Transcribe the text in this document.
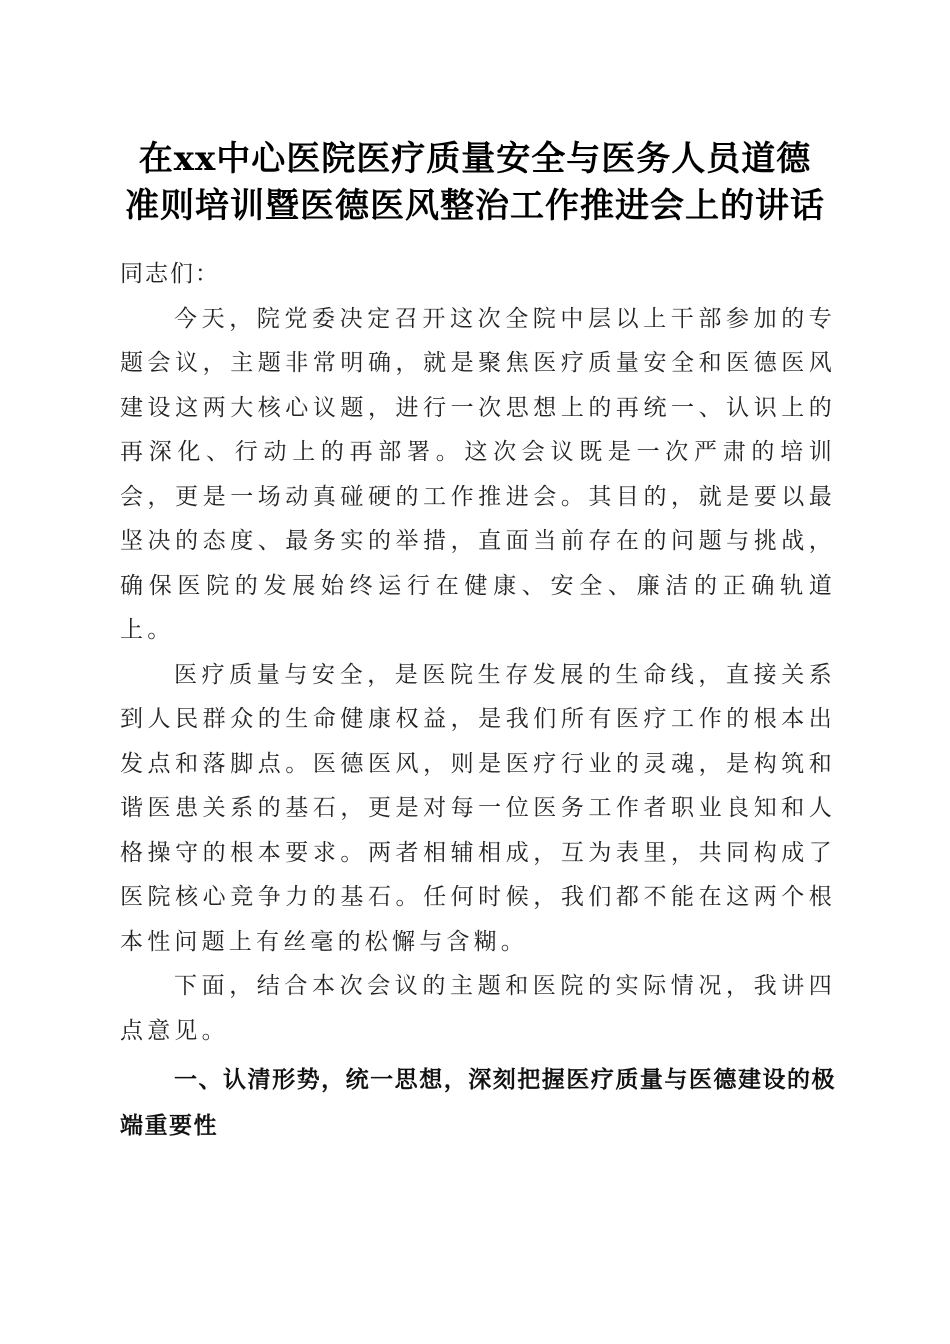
在xx中心医院医疗质量安全与医务人员道德
准则培训暨医德医风整治工作推进会上的讲话

同志们：

今天，院党委决定召开这次全院中层以上干部参加的专题会议，主题非常明确，就是聚焦医疗质量安全和医德医风建设这两大核心议题，进行一次思想上的再统一、认识上的再深化、行动上的再部署。这次会议既是一次严肃的培训会，更是一场动真碰硬的工作推进会。其目的，就是要以最坚决的态度、最务实的举措，直面当前存在的问题与挑战，确保医院的发展始终运行在健康、安全、廉洁的正确轨道上。

医疗质量与安全，是医院生存发展的生命线，直接关系到人民群众的生命健康权益，是我们所有医疗工作的根本出发点和落脚点。医德医风，则是医疗行业的灵魂，是构筑和谐医患关系的基石，更是对每一位医务工作者职业良知和人格操守的根本要求。两者相辅相成，互为表里，共同构成了医院核心竞争力的基石。任何时候，我们都不能在这两个根本性问题上有丝毫的松懈与含糊。

下面，结合本次会议的主题和医院的实际情况，我讲四点意见。

一、认清形势，统一思想，深刻把握医疗质量与医德建设的极端重要性
